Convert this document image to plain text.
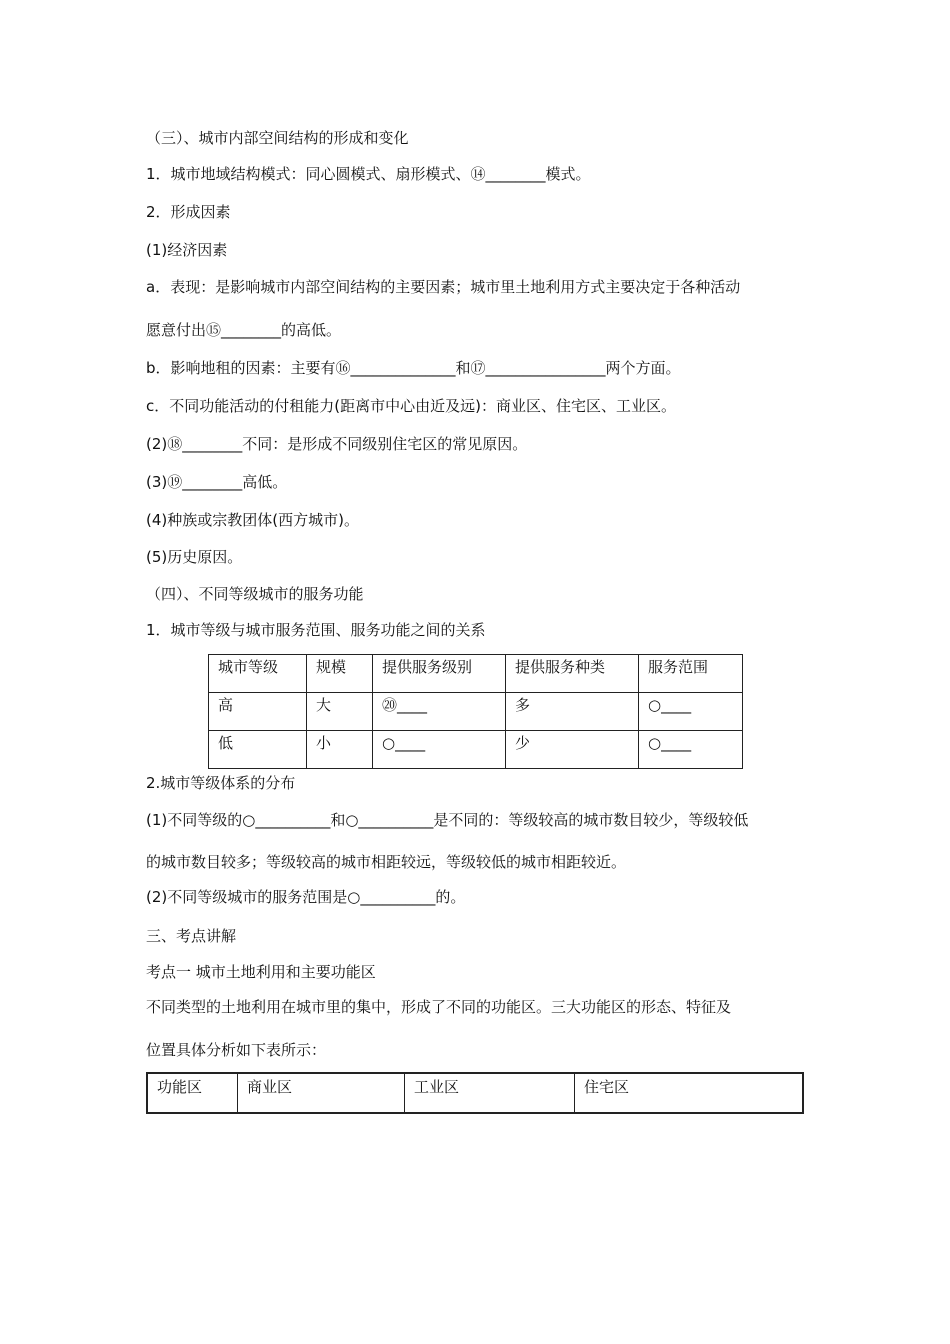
（三）、城市内部空间结构的形成和变化
1．城市地域结构模式：同心圆模式、扇形模式、⑭________模式。
2．形成因素
(1)经济因素
a．表现：是影响城市内部空间结构的主要因素；城市里土地利用方式主要决定于各种活动
愿意付出⑮________的高低。
b．影响地租的因素：主要有⑯______________和⑰________________两个方面。
c．不同功能活动的付租能力(距离市中心由近及远)：商业区、住宅区、工业区。
(2)⑱________不同：是形成不同级别住宅区的常见原因。
(3)⑲________高低。
(4)种族或宗教团体(西方城市)。
(5)历史原因。
（四）、不同等级城市的服务功能
1．城市等级与城市服务范围、服务功能之间的关系
城市等级	规模	提供服务级别	提供服务种类	服务范围
高	大	⑳____	多	○____
低	小	○____	少	○____
2.城市等级体系的分布
(1)不同等级的○__________和○__________是不同的：等级较高的城市数目较少，等级较低
的城市数目较多；等级较高的城市相距较远，等级较低的城市相距较近。
(2)不同等级城市的服务范围是○__________的。
三、考点讲解
考点一 城市土地利用和主要功能区
不同类型的土地利用在城市里的集中，形成了不同的功能区。三大功能区的形态、特征及
位置具体分析如下表所示：
功能区	商业区	工业区	住宅区
